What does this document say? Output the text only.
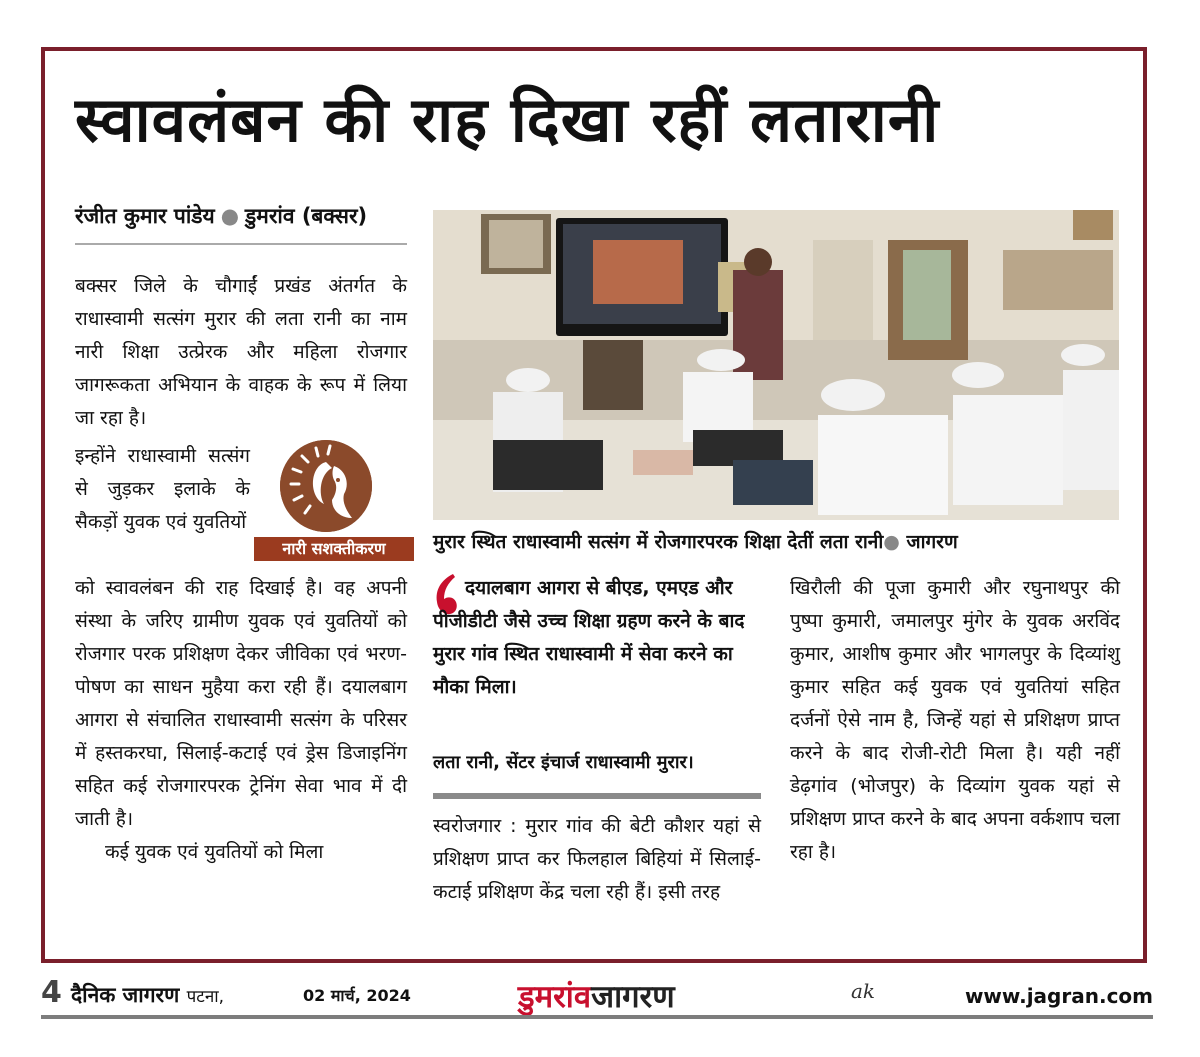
स्वावलंबन की राह दिखा रहीं लतारानी
रंजीत कुमार पांडेय ● डुमरांव (बक्सर)

बक्सर जिले के चौगाईं प्रखंड अंतर्गत के राधास्वामी सत्संग मुरार की लता रानी का नाम नारी शिक्षा उत्प्रेरक और महिला रोजगार जागरूकता अभियान के वाहक के रूप में लिया जा रहा है।

इन्होंने राधास्वामी सत्संग से जुड़कर इलाके के सैकड़ों युवक एवं युवतियों

नारी सशक्तीकरण

को स्वावलंबन की राह दिखाई है। वह अपनी संस्था के जरिए ग्रामीण युवक एवं युवतियों को रोजगार परक प्रशिक्षण देकर जीविका एवं भरण-पोषण का साधन मुहैया करा रही हैं। दयालबाग आगरा से संचालित राधास्वामी सत्संग के परिसर में हस्तकरघा, सिलाई-कटाई एवं ड्रेस डिजाइनिंग सहित कई रोजगारपरक ट्रेनिंग सेवा भाव में दी जाती है।

कई युवक एवं युवतियों को मिला

मुरार स्थित राधास्वामी सत्संग में रोजगारपरक शिक्षा देतीं लता रानी● जागरण

दयालबाग आगरा से बीएड, एमएड और पीजीडीटी जैसे उच्च शिक्षा ग्रहण करने के बाद मुरार गांव स्थित राधास्वामी में सेवा करने का मौका मिला।

लता रानी, सेंटर इंचार्ज राधास्वामी मुरार।

स्वरोजगार : मुरार गांव की बेटी कौशर यहां से प्रशिक्षण प्राप्त कर फिलहाल बिहियां में सिलाई-कटाई प्रशिक्षण केंद्र चला रही हैं। इसी तरह

खिरौली की पूजा कुमारी और रघुनाथपुर की पुष्पा कुमारी, जमालपुर मुंगेर के युवक अरविंद कुमार, आशीष कुमार और भागलपुर के दिव्यांशु कुमार सहित कई युवक एवं युवतियां सहित दर्जनों ऐसे नाम है, जिन्हें यहां से प्रशिक्षण प्राप्त करने के बाद रोजी-रोटी मिला है। यही नहीं डेढ़गांव (भोजपुर) के दिव्यांग युवक यहां से प्रशिक्षण प्राप्त करने के बाद अपना वर्कशाप चला रहा है।

4 दैनिक जागरण पटना,	02 मार्च, 2024	डुमरांवजागरण	ak	www.jagran.com
